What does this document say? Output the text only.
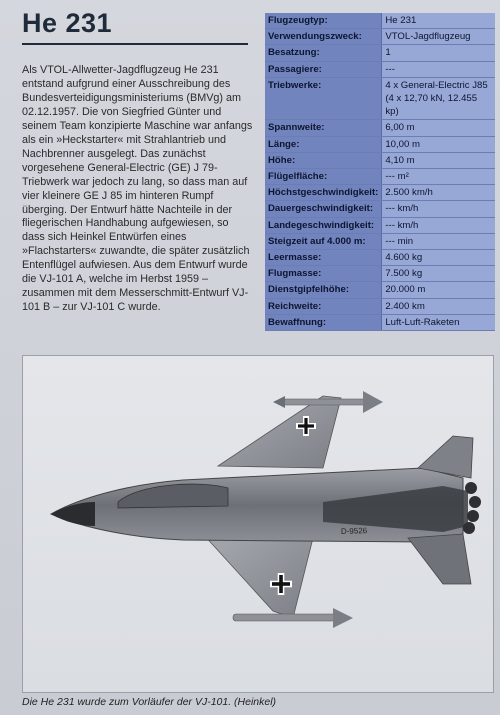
He 231

Als VTOL-Allwetter-Jagdflugzeug He 231 entstand aufgrund einer Ausschreibung des Bundesverteidigungsministeriums (BMVg) am 02.12.1957. Die von Siegfried Günter und seinem Team konzipierte Maschine war anfangs als ein »Heckstarter« mit Strahlantrieb und Nachbrenner ausgelegt. Das zunächst vorgesehene General-Electric (GE) J 79-Triebwerk war jedoch zu lang, so dass man auf vier kleinere GE J 85 im hinteren Rumpf überging. Der Entwurf hätte Nachteile in der fliegerischen Handhabung aufgewiesen, so dass sich Heinkel Entwürfen eines »Flachstarters« zuwandte, die später zusätzlich Entenflügel aufwiesen. Aus dem Entwurf wurde die VJ-101 A, welche im Herbst 1959 – zusammen mit dem Messerschmitt-Entwurf VJ-101 B – zur VJ-101 C wurde.

Flugzeugtyp:	He 231

Verwendungszweck:	VTOL-Jagdflugzeug

Besatzung:	1

Passagiere:	---

Triebwerke:	4 x General-Electric J85
(4 x 12,70 kN, 12.455 kp)

Spannweite:	6,00 m

Länge:	10,00 m

Höhe:	4,10 m

Flügelfläche:	--- m²

Höchstgeschwindigkeit:	2.500 km/h

Dauergeschwindigkeit:	--- km/h

Landegeschwindigkeit:	--- km/h

Steigzeit auf 4.000 m:	--- min

Leermasse:	4.600 kg

Flugmasse:	7.500 kg

Dienstgipfelhöhe:	20.000 m

Reichweite:	2.400 km

Bewaffnung:	Luft-Luft-Raketen
D-9526
Die He 231 wurde zum Vorläufer der VJ-101. (Heinkel)
